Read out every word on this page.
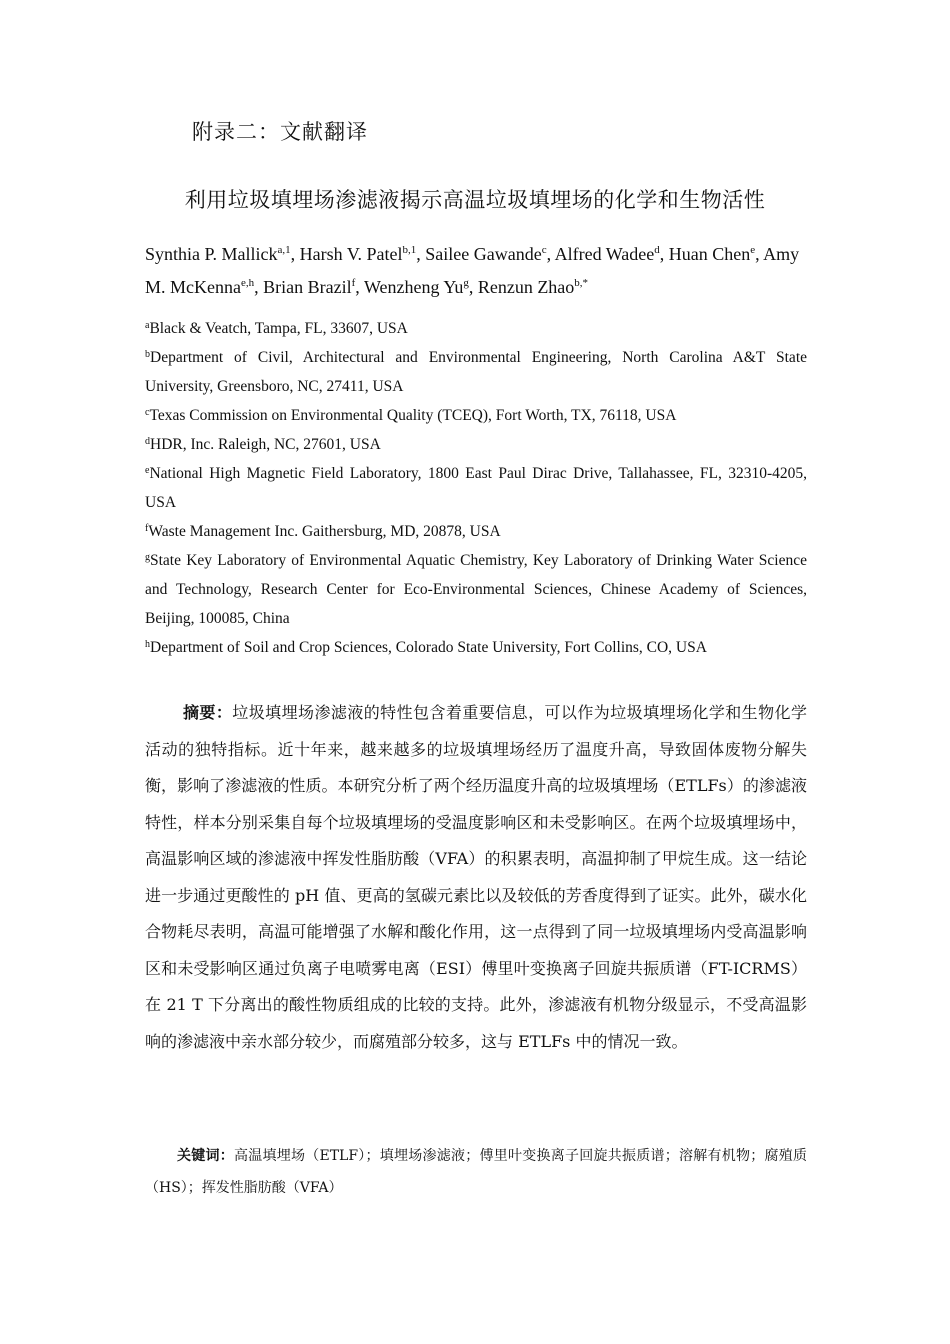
附录二：文献翻译
利用垃圾填埋场渗滤液揭示高温垃圾填埋场的化学和生物活性
Synthia P. Mallick$^{a,1}$, Harsh V. Patel$^{b,1}$, Sailee Gawande$^c$, Alfred Wadee$^d$, Huan Chen$^e$, Amy M. McKenna$^{e,h}$, Brian Brazil$^f$, Wenzheng Yu$^g$, Renzun Zhao$^{b,*}$

$^a$Black & Veatch, Tampa, FL, 33607, USA

$^b$Department of Civil, Architectural and Environmental Engineering, North Carolina A&T State University, Greensboro, NC, 27411, USA

$^c$Texas Commission on Environmental Quality (TCEQ), Fort Worth, TX, 76118, USA

$^d$HDR, Inc. Raleigh, NC, 27601, USA

$^e$National High Magnetic Field Laboratory, 1800 East Paul Dirac Drive, Tallahassee, FL, 32310-4205, USA

$^f$Waste Management Inc. Gaithersburg, MD, 20878, USA

$^g$State Key Laboratory of Environmental Aquatic Chemistry, Key Laboratory of Drinking Water Science and Technology, Research Center for Eco-Environmental Sciences, Chinese Academy of Sciences, Beijing, 100085, China

$^h$Department of Soil and Crop Sciences, Colorado State University, Fort Collins, CO, USA

摘要：垃圾填埋场渗滤液的特性包含着重要信息，可以作为垃圾填埋场化学和生物化学活动的独特指标。近十年来，越来越多的垃圾填埋场经历了温度升高，导致固体废物分解失衡，影响了渗滤液的性质。本研究分析了两个经历温度升高的垃圾填埋场（ETLFs）的渗滤液特性，样本分别采集自每个垃圾填埋场的受温度影响区和未受影响区。在两个垃圾填埋场中，高温影响区域的渗滤液中挥发性脂肪酸（VFA）的积累表明，高温抑制了甲烷生成。这一结论进一步通过更酸性的 pH 值、更高的氢碳元素比以及较低的芳香度得到了证实。此外，碳水化合物耗尽表明，高温可能增强了水解和酸化作用，这一点得到了同一垃圾填埋场内受高温影响区和未受影响区通过负离子电喷雾电离（ESI）傅里叶变换离子回旋共振质谱（FT-ICRMS）在 21 T 下分离出的酸性物质组成的比较的支持。此外，渗滤液有机物分级显示，不受高温影响的渗滤液中亲水部分较少，而腐殖部分较多，这与 ETLFs 中的情况一致。

关键词：高温填埋场（ETLF）；填埋场渗滤液；傅里叶变换离子回旋共振质谱；溶解有机物；腐殖质（HS）；挥发性脂肪酸（VFA）
